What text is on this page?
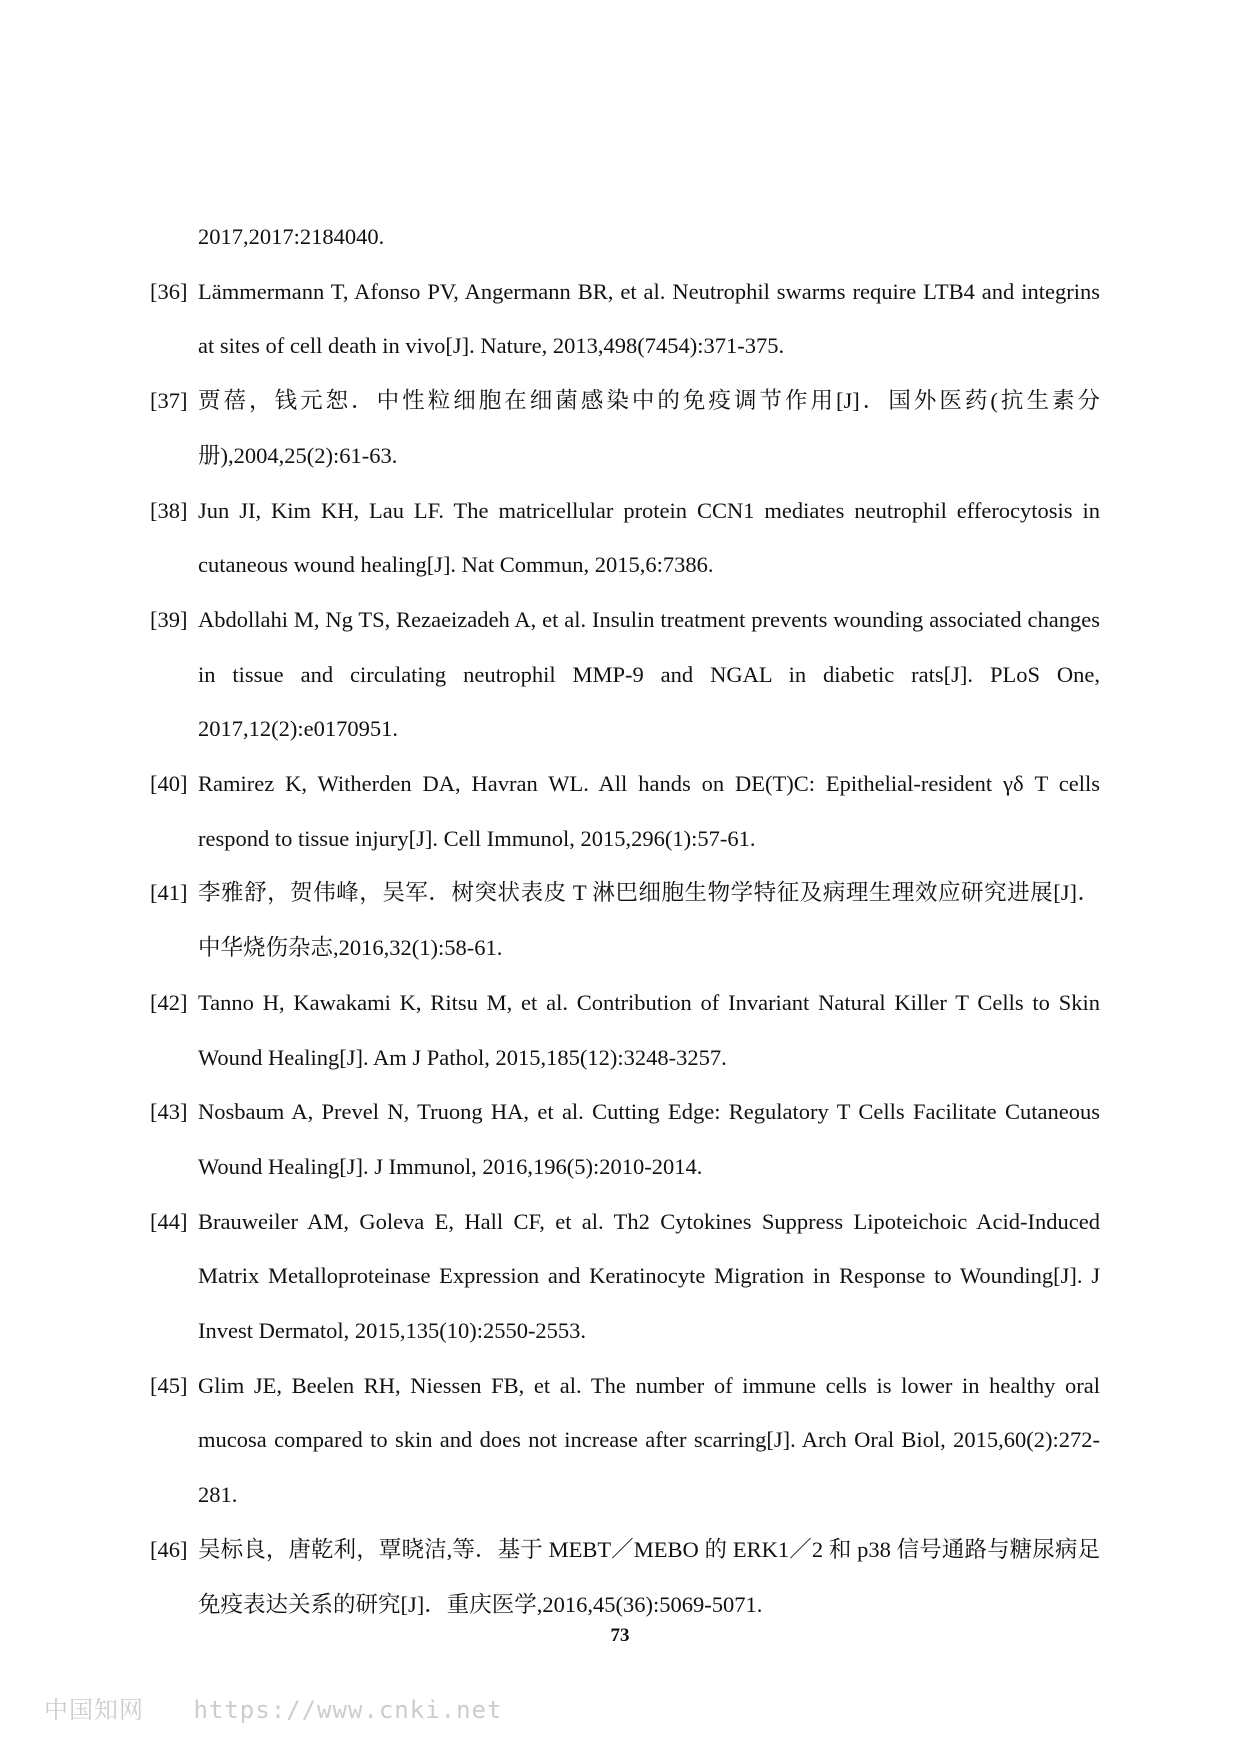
2017,2017:2184040.

[36] Lämmermann T, Afonso PV, Angermann BR, et al. Neutrophil swarms require LTB4 and integrins at sites of cell death in vivo[J]. Nature, 2013,498(7454):371-375.

[37] 贾蓓，钱元恕．中性粒细胞在细菌感染中的免疫调节作用[J]．国外医药(抗生素分册),2004,25(2):61-63.

[38] Jun JI, Kim KH, Lau LF. The matricellular protein CCN1 mediates neutrophil efferocytosis in cutaneous wound healing[J]. Nat Commun, 2015,6:7386.

[39] Abdollahi M, Ng TS, Rezaeizadeh A, et al. Insulin treatment prevents wounding associated changes in tissue and circulating neutrophil MMP-9 and NGAL in diabetic rats[J]. PLoS One, 2017,12(2):e0170951.

[40] Ramirez K, Witherden DA, Havran WL. All hands on DE(T)C: Epithelial-resident γδ T cells respond to tissue injury[J]. Cell Immunol, 2015,296(1):57-61.

[41] 李雅舒，贺伟峰，吴军．树突状表皮 T 淋巴细胞生物学特征及病理生理效应研究进展[J]．中华烧伤杂志,2016,32(1):58-61.

[42] Tanno H, Kawakami K, Ritsu M, et al. Contribution of Invariant Natural Killer T Cells to Skin Wound Healing[J]. Am J Pathol, 2015,185(12):3248-3257.

[43] Nosbaum A, Prevel N, Truong HA, et al. Cutting Edge: Regulatory T Cells Facilitate Cutaneous Wound Healing[J]. J Immunol, 2016,196(5):2010-2014.

[44] Brauweiler AM, Goleva E, Hall CF, et al. Th2 Cytokines Suppress Lipoteichoic Acid-Induced Matrix Metalloproteinase Expression and Keratinocyte Migration in Response to Wounding[J]. J Invest Dermatol, 2015,135(10):2550-2553.

[45] Glim JE, Beelen RH, Niessen FB, et al. The number of immune cells is lower in healthy oral mucosa compared to skin and does not increase after scarring[J]. Arch Oral Biol, 2015,60(2):272-281.

[46] 吴标良，唐乾利，覃晓洁,等．基于 MEBT／MEBO 的 ERK1／2 和 p38 信号通路与糖尿病足免疫表达关系的研究[J]．重庆医学,2016,45(36):5069-5071.

73
中国知网 https://www.cnki.net
